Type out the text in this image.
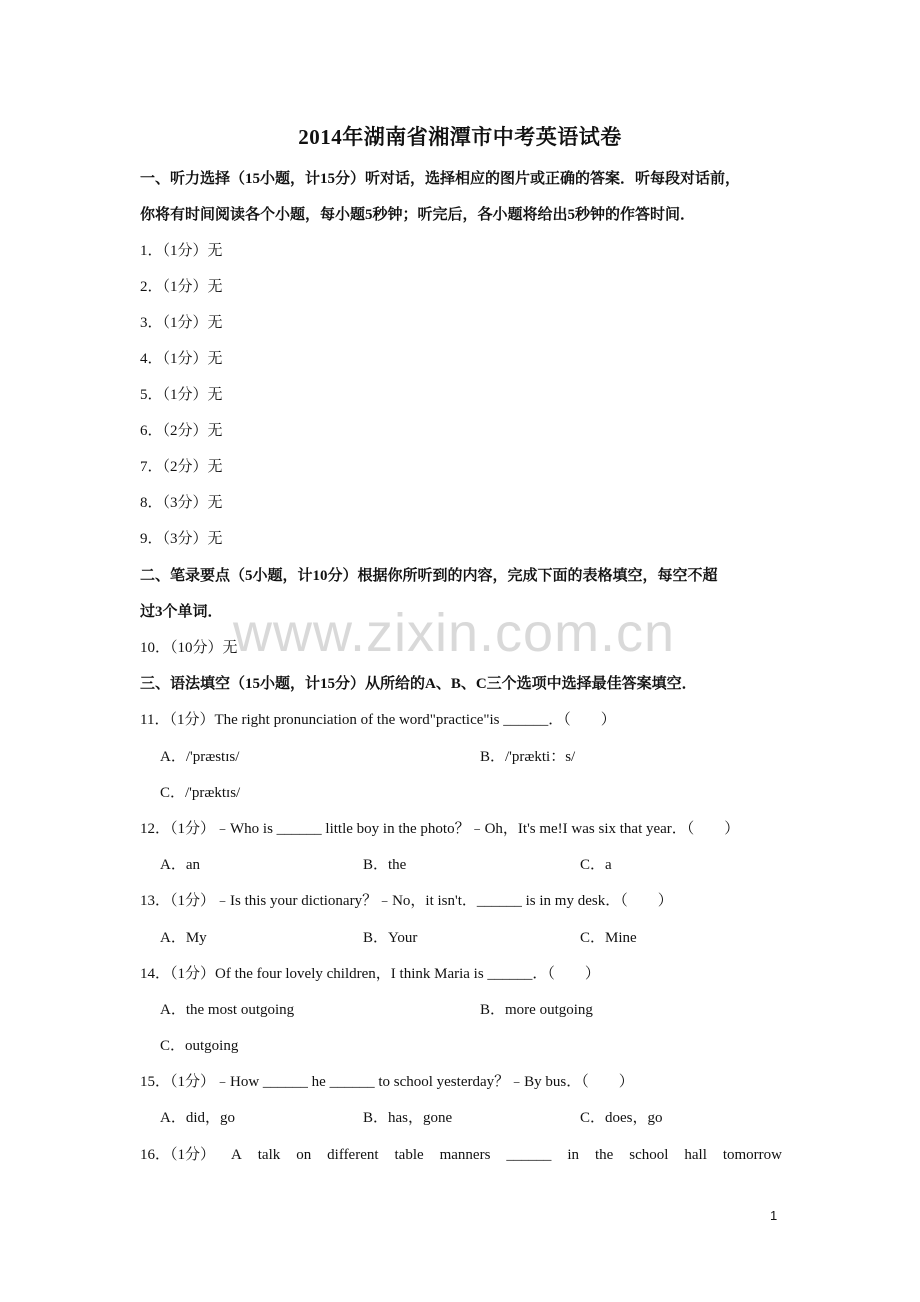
2014年湖南省湘潭市中考英语试卷
一、听力选择（15小题，计15分）听对话，选择相应的图片或正确的答案．听每段对话前，
你将有时间阅读各个小题，每小题5秒钟；听完后，各小题将给出5秒钟的作答时间．
1．（1分）无
2．（1分）无
3．（1分）无
4．（1分）无
5．（1分）无
6．（2分）无
7．（2分）无
8．（3分）无
9．（3分）无
二、笔录要点（5小题，计10分）根据你所听到的内容，完成下面的表格填空，每空不超
过3个单词．
10．（10分）无
三、语法填空（15小题，计15分）从所给的A、B、C三个选项中选择最佳答案填空．
11．（1分）The right pronunciation of the word"practice"is ______．（　　）
A．/'præstɪs/	B．/'prækti：s/
C．/'præktɪs/
12．（1分）﹣Who is ______ little boy in the photo？﹣Oh，It's me!I was six that year．（　　）
A．an	B．the	C．a
13．（1分）﹣Is this your dictionary？﹣No，it isn't．______ is in my desk．（　　）
A．My	B．Your	C．Mine
14．（1分）Of the four lovely children，I think Maria is ______．（　　）
A．the most outgoing	B．more outgoing
C．outgoing
15．（1分）﹣How ______ he ______ to school yesterday？﹣By bus．（　　）
A．did，go	B．has，gone	C．does，go
16．（1分） A talk on different table manners ______ in the school hall tomorrow
www.zixin.com.cn
1
